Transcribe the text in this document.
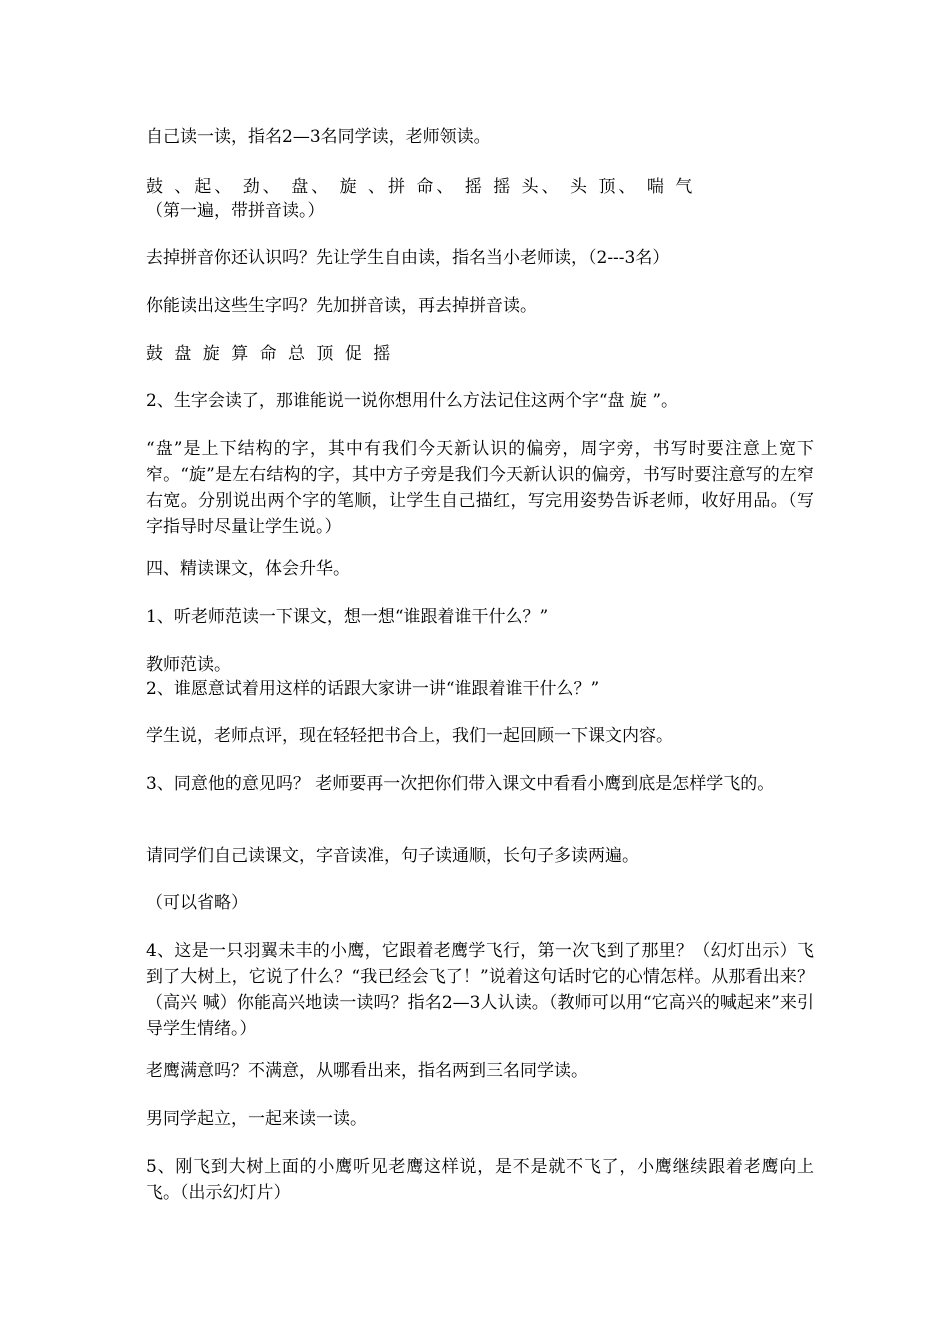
自己读一读，指名2—3名同学读，老师领读。

鼓 、起、 劲、 盘、 旋 、拼 命、 摇 摇 头、 头 顶、 喘 气

（第一遍，带拼音读。）

去掉拼音你还认识吗？先让学生自由读，指名当小老师读，（2---3名）

你能读出这些生字吗？先加拼音读，再去掉拼音读。

鼓 盘 旋 算 命 总 顶 促 摇

2、生字会读了，那谁能说一说你想用什么方法记住这两个字“盘 旋 ”。

“盘”是上下结构的字，其中有我们今天新认识的偏旁，周字旁，书写时要注意上宽下窄。“旋”是左右结构的字，其中方子旁是我们今天新认识的偏旁，书写时要注意写的左窄右宽。分别说出两个字的笔顺，让学生自己描红，写完用姿势告诉老师，收好用品。（写字指导时尽量让学生说。）

四、精读课文，体会升华。

1、听老师范读一下课文，想一想“谁跟着谁干什么？”

教师范读。

2、谁愿意试着用这样的话跟大家讲一讲“谁跟着谁干什么？”

学生说，老师点评，现在轻轻把书合上，我们一起回顾一下课文内容。

3、同意他的意见吗？ 老师要再一次把你们带入课文中看看小鹰到底是怎样学飞的。

请同学们自己读课文，字音读准，句子读通顺，长句子多读两遍。

（可以省略）

4、这是一只羽翼未丰的小鹰，它跟着老鹰学飞行，第一次飞到了那里？（幻灯出示）飞到了大树上，它说了什么？“我已经会飞了！”说着这句话时它的心情怎样。从那看出来？（高兴 喊）你能高兴地读一读吗？指名2—3人认读。（教师可以用“它高兴的喊起来”来引导学生情绪。）

老鹰满意吗？不满意，从哪看出来，指名两到三名同学读。

男同学起立，一起来读一读。

5、刚飞到大树上面的小鹰听见老鹰这样说，是不是就不飞了，小鹰继续跟着老鹰向上飞。（出示幻灯片）
